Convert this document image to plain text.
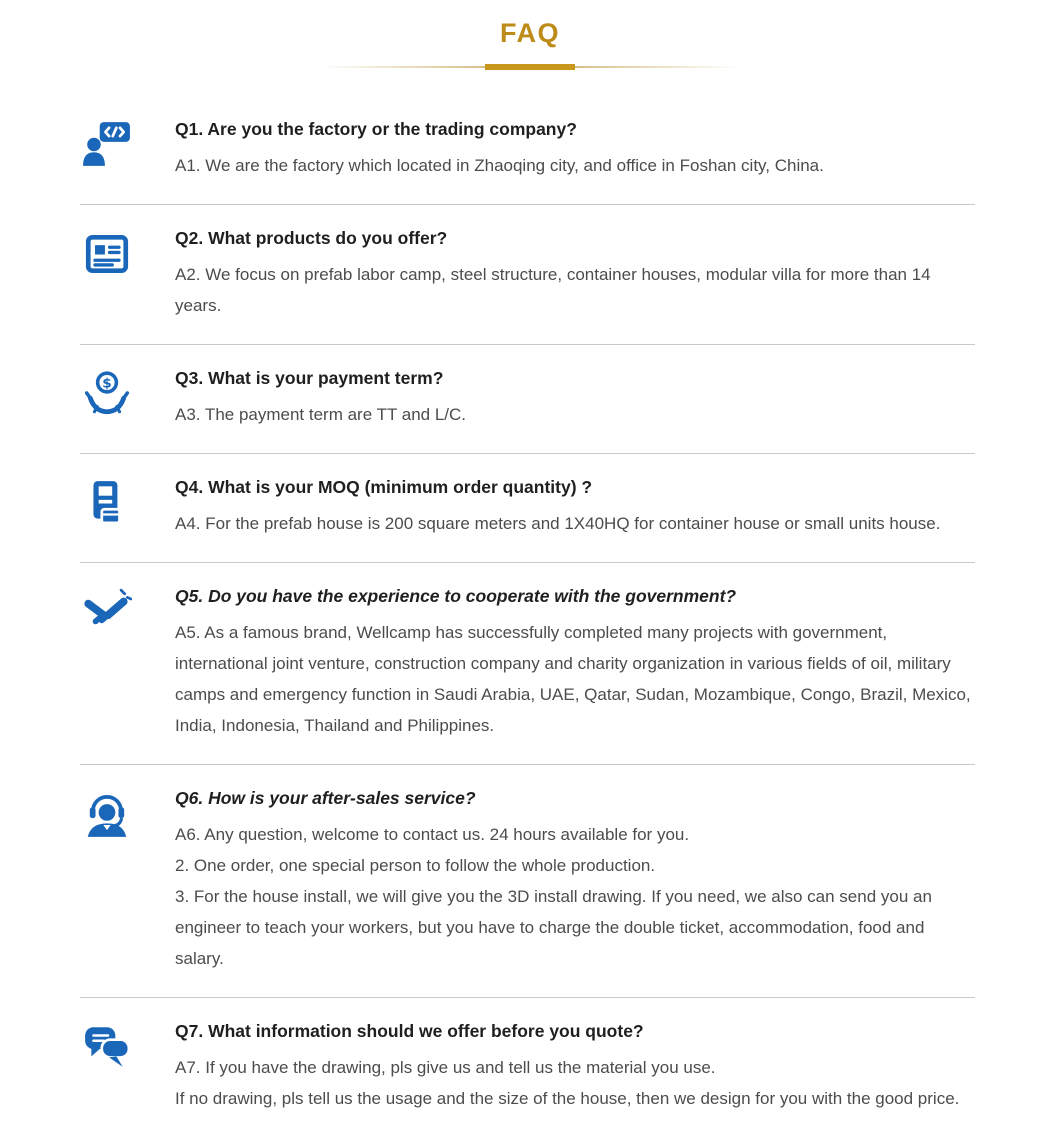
FAQ
Q1. Are you the factory or the trading company?

A1. We are the factory which located in Zhaoqing city, and office in Foshan city, China.

Q2. What products do you offer?

A2. We focus on prefab labor camp, steel structure, container houses, modular villa for more than 14 years.

$	Q3. What is your payment term?

A3. The payment term are TT and L/C.

Q4. What is your MOQ (minimum order quantity) ?

A4. For the prefab house is 200 square meters and 1X40HQ for container house or small units house.

Q5. Do you have the experience to cooperate with the government?

A5. As a famous brand, Wellcamp has successfully completed many projects with government, international joint venture, construction company and charity organization in various fields of oil, military camps and emergency function in Saudi Arabia, UAE, Qatar, Sudan, Mozambique, Congo, Brazil, Mexico, India, Indonesia, Thailand and Philippines.

Q6. How is your after-sales service?

A6. Any question, welcome to contact us. 24 hours available for you.

2. One order, one special person to follow the whole production.

3. For the house install, we will give you the 3D install drawing. If you need, we also can send you an engineer to teach your workers, but you have to charge the double ticket, accommodation, food and salary.

Q7. What information should we offer before you quote?

A7. If you have the drawing, pls give us and tell us the material you use.

If no drawing, pls tell us the usage and the size of the house, then we design for you with the good price.
